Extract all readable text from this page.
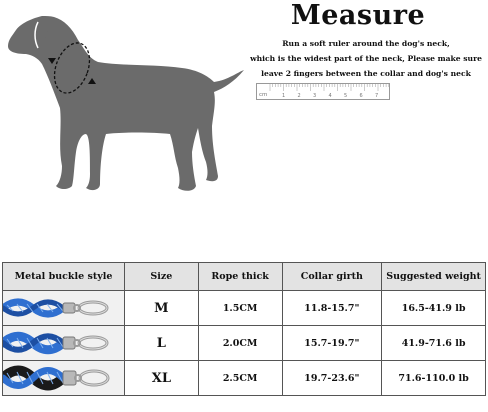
Measure
Run a soft ruler around the dog's neck,
which is the widest part of the neck, Please make sure
leave 2 fingers between the collar and dog's neck
cm	1 2 3 4 5 6 7
Metal buckle style	Size	Rope thick	Collar girth	Suggested weight

	M	1.5CM	11.8-15.7"	16.5-41.9 lb

	L	2.0CM	15.7-19.7"	41.9-71.6 lb

	XL	2.5CM	19.7-23.6"	71.6-110.0 lb
